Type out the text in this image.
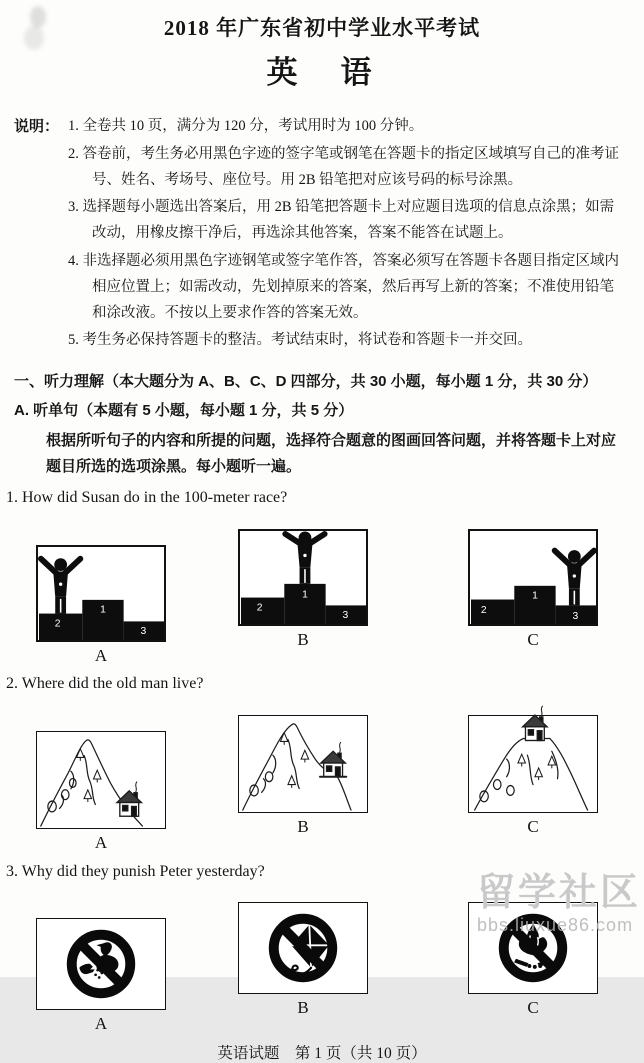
2018 年广东省初中学业水平考试
英　语
说明： 1. 全卷共 10 页，满分为 120 分，考试用时为 100 分钟。
2. 答卷前，考生务必用黑色字迹的签字笔或钢笔在答题卡的指定区域填写自己的准考证号、姓名、考场号、座位号。用 2B 铅笔把对应该号码的标号涂黑。
3. 选择题每小题选出答案后，用 2B 铅笔把答题卡上对应题目选项的信息点涂黑；如需改动，用橡皮擦干净后，再选涂其他答案，答案不能答在试题上。
4. 非选择题必须用黑色字迹钢笔或签字笔作答，答案必须写在答题卡各题目指定区域内相应位置上；如需改动，先划掉原来的答案，然后再写上新的答案；不准使用铅笔和涂改液。不按以上要求作答的答案无效。
5. 考生务必保持答题卡的整洁。考试结束时，将试卷和答题卡一并交回。
一、听力理解（本大题分为 A、B、C、D 四部分，共 30 小题，每小题 1 分，共 30 分）
A. 听单句（本题有 5 小题，每小题 1 分，共 5 分）
根据所听句子的内容和所提的问题，选择符合题意的图画回答问题，并将答题卡上对应题目所选的选项涂黑。每小题听一遍。
1. How did Susan do in the 100-meter race?
2
1
3
A
2
1
3
B
2
1
3
C
2. Where did the old man live?
A
B	C
3. Why did they punish Peter yesterday?
A
B	C
英语试题　第 1 页（共 10 页）
留学社区
bbs.liuxue86.com
